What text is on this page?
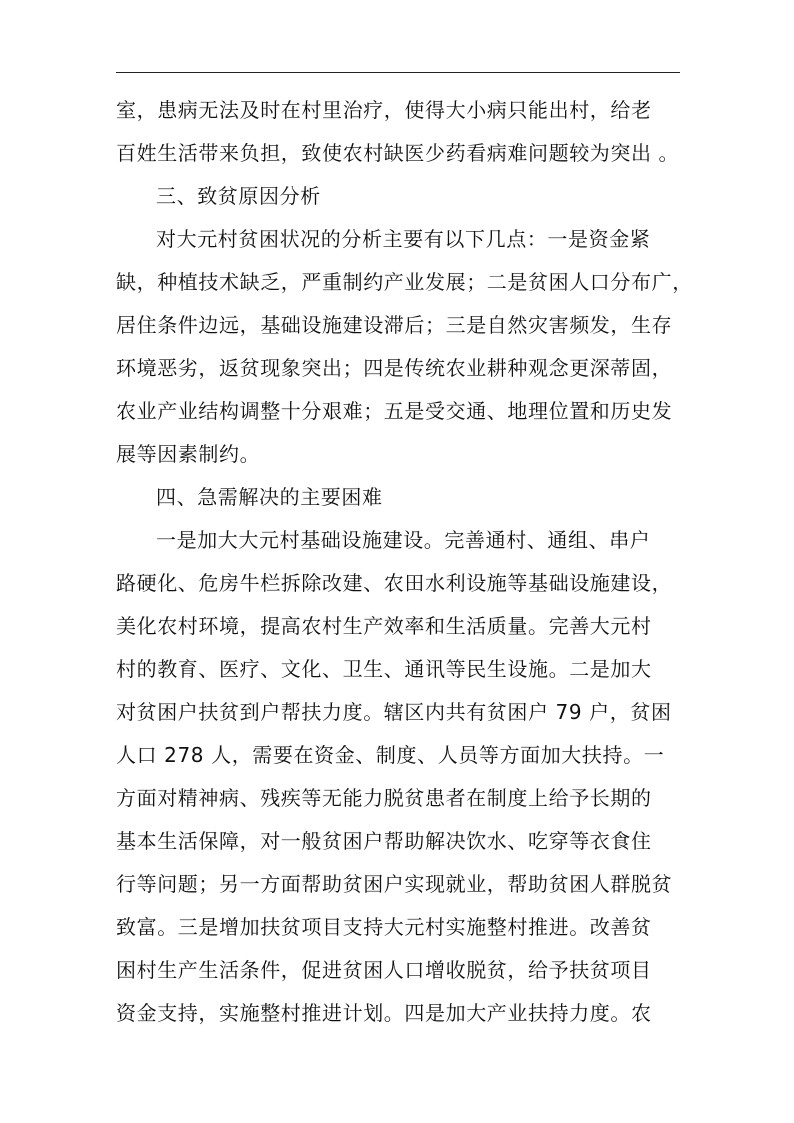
室，患病无法及时在村里治疗，使得大小病只能出村，给老
百姓生活带来负担，致使农村缺医少药看病难问题较为突出 。
三、致贫原因分析
对大元村贫困状况的分析主要有以下几点：一是资金紧
缺，种植技术缺乏，严重制约产业发展；二是贫困人口分布广，
居住条件边远，基础设施建设滞后；三是自然灾害频发，生存
环境恶劣，返贫现象突出；四是传统农业耕种观念更深蒂固，
农业产业结构调整十分艰难；五是受交通、地理位置和历史发
展等因素制约。
四、急需解决的主要困难
一是加大大元村基础设施建设。完善通村、通组、串户
路硬化、危房牛栏拆除改建、农田水利设施等基础设施建设，
美化农村环境，提高农村生产效率和生活质量。完善大元村
村的教育、医疗、文化、卫生、通讯等民生设施。二是加大
对贫困户扶贫到户帮扶力度。辖区内共有贫困户 79 户，贫困
人口 278 人，需要在资金、制度、人员等方面加大扶持。一
方面对精神病、残疾等无能力脱贫患者在制度上给予长期的
基本生活保障，对一般贫困户帮助解决饮水、吃穿等衣食住
行等问题；另一方面帮助贫困户实现就业，帮助贫困人群脱贫
致富。三是增加扶贫项目支持大元村实施整村推进。改善贫
困村生产生活条件，促进贫困人口增收脱贫，给予扶贫项目
资金支持，实施整村推进计划。四是加大产业扶持力度。农
